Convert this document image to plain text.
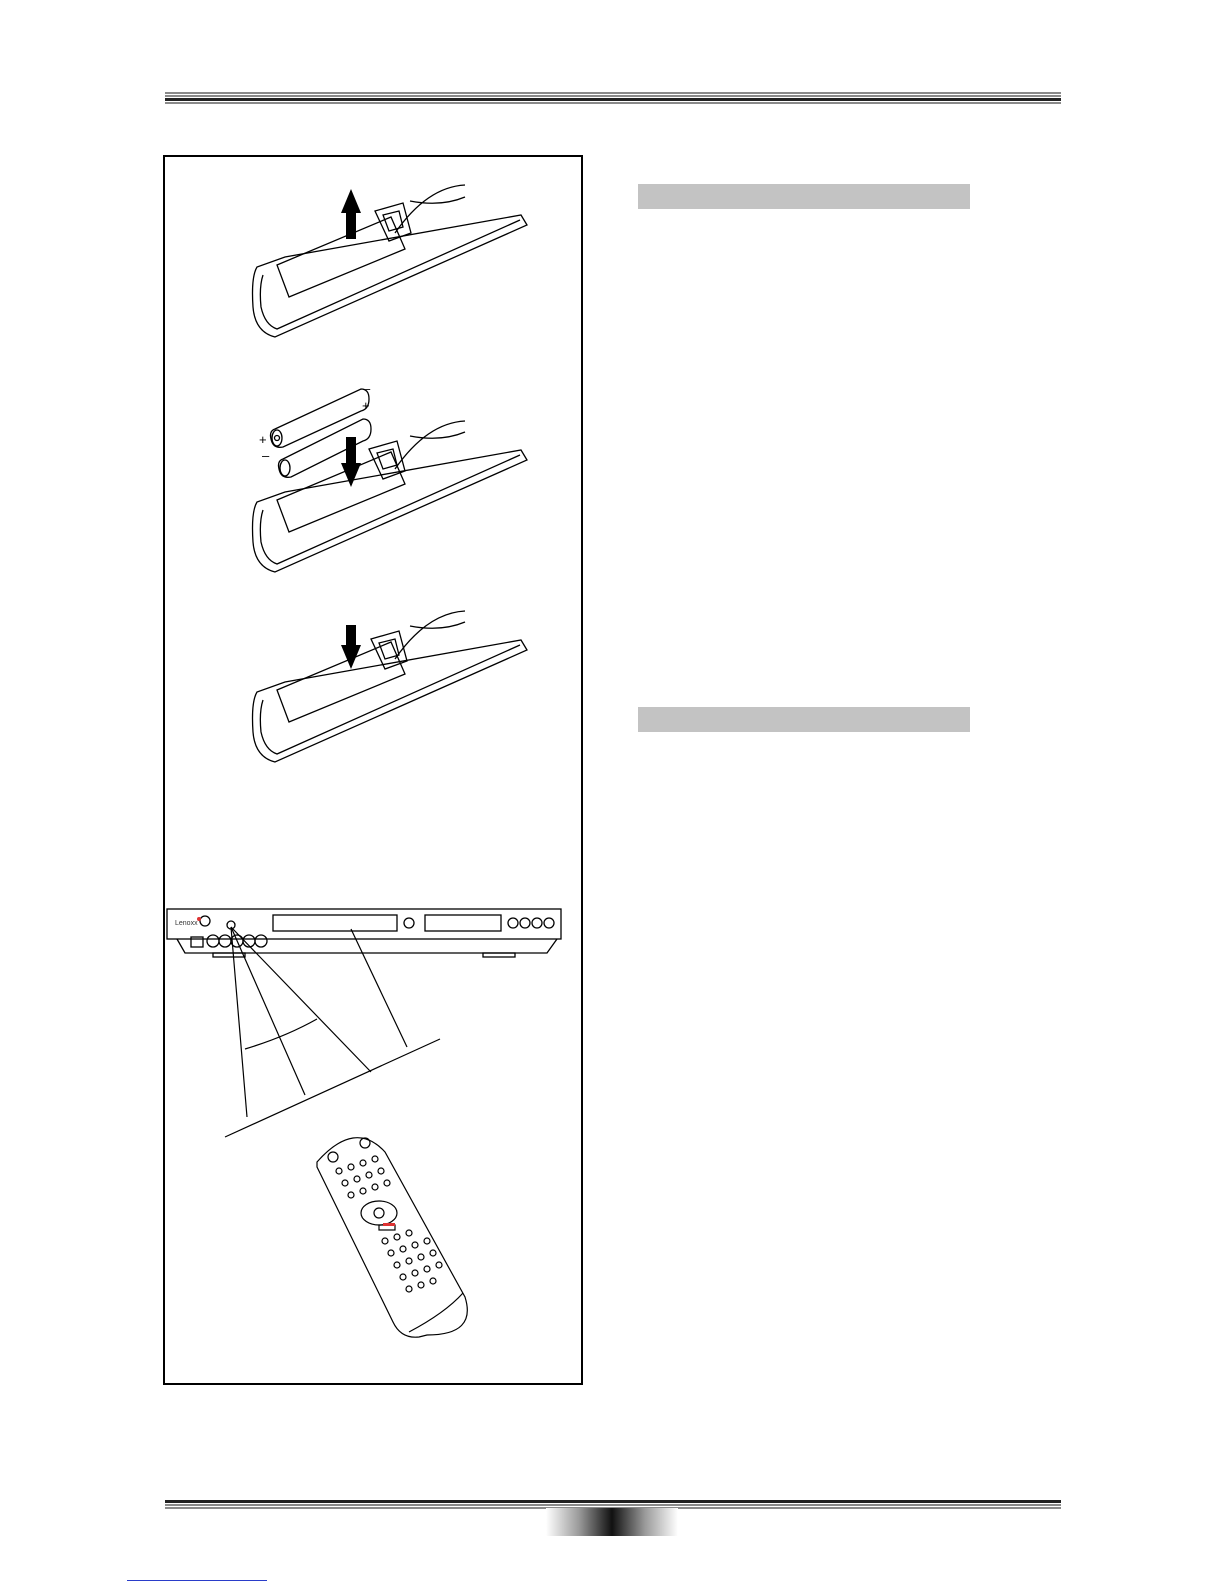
–
+
+
–
Lenoxx
